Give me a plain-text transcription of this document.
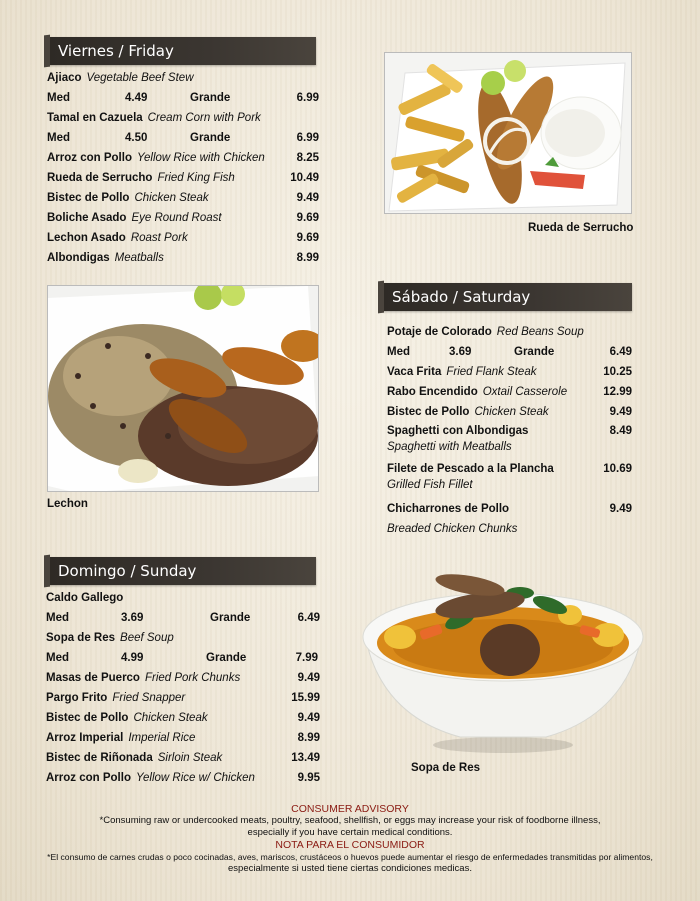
Viernes / Friday
Ajiaco Vegetable Beef Stew
Med	4.49	Grande	6.99
Tamal en Cazuela Cream Corn with Pork
Med	4.50	Grande	6.99
Arroz con Pollo Yellow Rice with Chicken	8.25
Rueda de Serrucho Fried King Fish	10.49
Bistec de Pollo Chicken Steak	9.49
Boliche Asado Eye Round Roast	9.69
Lechon Asado Roast Pork	9.69
Albondigas Meatballs	8.99
Rueda de Serrucho
Lechon
Sábado / Saturday
Potaje de Colorado Red Beans Soup
Med	3.69	Grande	6.49
Vaca Frita Fried Flank Steak	10.25
Rabo Encendido Oxtail Casserole	12.99
Bistec de Pollo Chicken Steak	9.49
Spaghetti con Albondigas	8.49
Spaghetti with Meatballs
Filete de Pescado a la Plancha	10.69
Grilled Fish Fillet
Chicharrones de Pollo	9.49
Breaded Chicken Chunks
Domingo / Sunday
Caldo Gallego
Med	3.69	Grande	6.49
Sopa de Res Beef Soup
Med	4.99	Grande	7.99
Masas de Puerco Fried Pork Chunks	9.49
Pargo Frito Fried Snapper	15.99
Bistec de Pollo Chicken Steak	9.49
Arroz Imperial Imperial Rice	8.99
Bistec de Riñonada Sirloin Steak	13.49
Arroz con Pollo Yellow Rice w/ Chicken	9.95
Sopa de Res
CONSUMER ADVISORY
*Consuming raw or undercooked meats, poultry, seafood, shellfish, or eggs may increase your risk of foodborne illness,
especially if you have certain medical conditions.
NOTA PARA EL CONSUMIDOR
*El consumo de carnes crudas o poco cocinadas, aves, mariscos, crustáceos o huevos puede aumentar el riesgo de enfermedades transmitidas por alimentos,
especialmente si usted tiene ciertas condiciones medicas.
